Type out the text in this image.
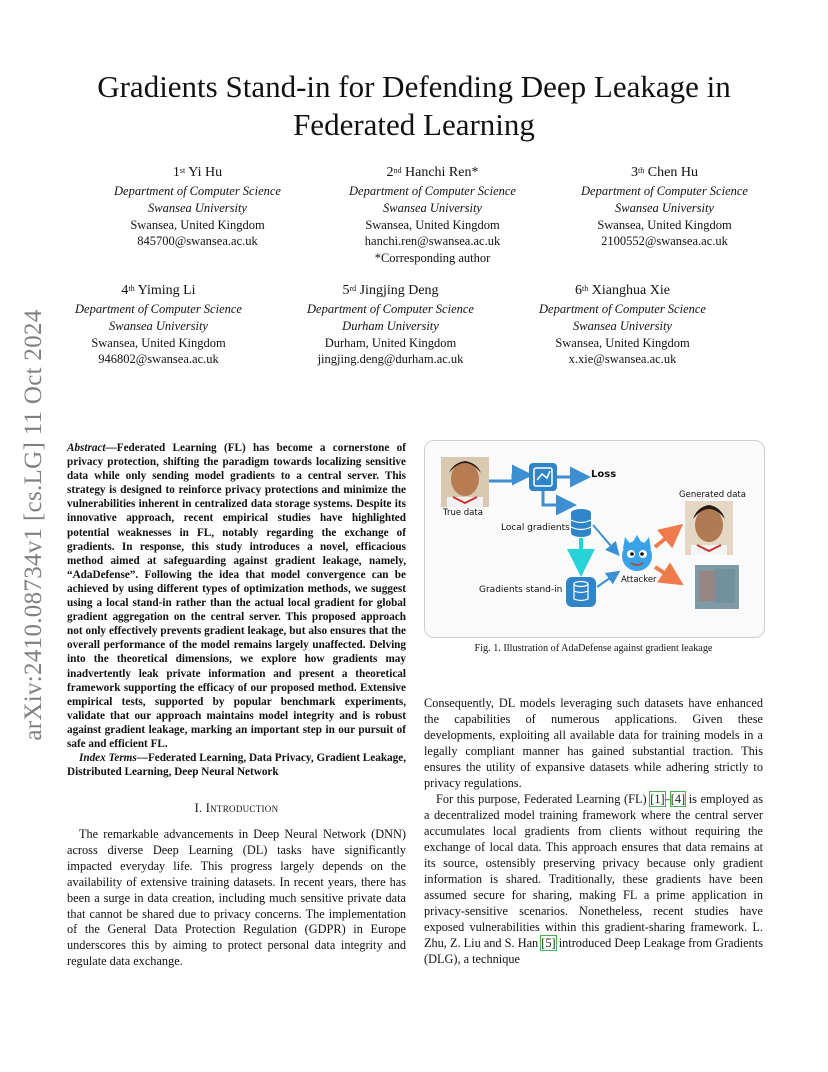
Gradients Stand-in for Defending Deep Leakage in Federated Learning
1st Yi Hu
Department of Computer Science
Swansea University
Swansea, United Kingdom
845700@swansea.ac.uk
2nd Hanchi Ren*
Department of Computer Science
Swansea University
Swansea, United Kingdom
hanchi.ren@swansea.ac.uk
*Corresponding author
3th Chen Hu
Department of Computer Science
Swansea University
Swansea, United Kingdom
2100552@swansea.ac.uk
4th Yiming Li
Department of Computer Science
Swansea University
Swansea, United Kingdom
946802@swansea.ac.uk
5rd Jingjing Deng
Department of Computer Science
Durham University
Durham, United Kingdom
jingjing.deng@durham.ac.uk
6th Xianghua Xie
Department of Computer Science
Swansea University
Swansea, United Kingdom
x.xie@swansea.ac.uk
arXiv:2410.08734v1 [cs.LG] 11 Oct 2024 Abstract—Federated Learning (FL) has become a cornerstone of privacy protection, shifting the paradigm towards localizing sensitive data while only sending model gradients to a central server. This strategy is designed to reinforce privacy protections and minimize the vulnerabilities inherent in centralized data storage systems. Despite its innovative approach, recent empirical studies have highlighted potential weaknesses in FL, notably regarding the exchange of gradients. In response, this study introduces a novel, efficacious method aimed at safeguarding against gradient leakage, namely, “AdaDefense”. Following the idea that model convergence can be achieved by using different types of optimization methods, we suggest using a local stand-in rather than the actual local gradient for global gradient aggregation on the central server. This proposed approach not only effectively prevents gradient leakage, but also ensures that the overall performance of the model remains largely unaffected. Delving into the theoretical dimensions, we explore how gradients may inadvertently leak private information and present a theoretical framework supporting the efficacy of our proposed method. Extensive empirical tests, supported by popular benchmark experiments, validate that our approach maintains model integrity and is robust against gradient leakage, marking an important step in our pursuit of safe and efficient FL.
Index Terms—Federated Learning, Data Privacy, Gradient Leakage, Distributed Learning, Deep Neural Network
I. Introduction

The remarkable advancements in Deep Neural Network (DNN) across diverse Deep Learning (DL) tasks have significantly impacted everyday life. This progress largely depends on the availability of extensive training datasets. In recent years, there has been a surge in data creation, including much sensitive private data that cannot be shared due to privacy concerns. The implementation of the General Data Protection Regulation (GDPR) in Europe underscores this by aiming to protect personal data integrity and regulate data exchange.

Loss
True data
Local gradients
Gradients stand-in
Attacker
Generated data
Fig. 1. Illustration of AdaDefense against gradient leakage

Consequently, DL models leveraging such datasets have enhanced the capabilities of numerous applications. Given these developments, exploiting all available data for training models in a legally compliant manner has gained substantial traction. This ensures the utility of expansive datasets while adhering strictly to privacy regulations.

For this purpose, Federated Learning (FL) [1]–[4] is employed as a decentralized model training framework where the central server accumulates local gradients from clients without requiring the exchange of local data. This approach ensures that data remains at its source, ostensibly preserving privacy because only gradient information is shared. Traditionally, these gradients have been assumed secure for sharing, making FL a prime application in privacy-sensitive scenarios. Nonetheless, recent studies have exposed vulnerabilities within this gradient-sharing framework. L. Zhu, Z. Liu and S. Han [5] introduced Deep Leakage from Gradients (DLG), a technique
